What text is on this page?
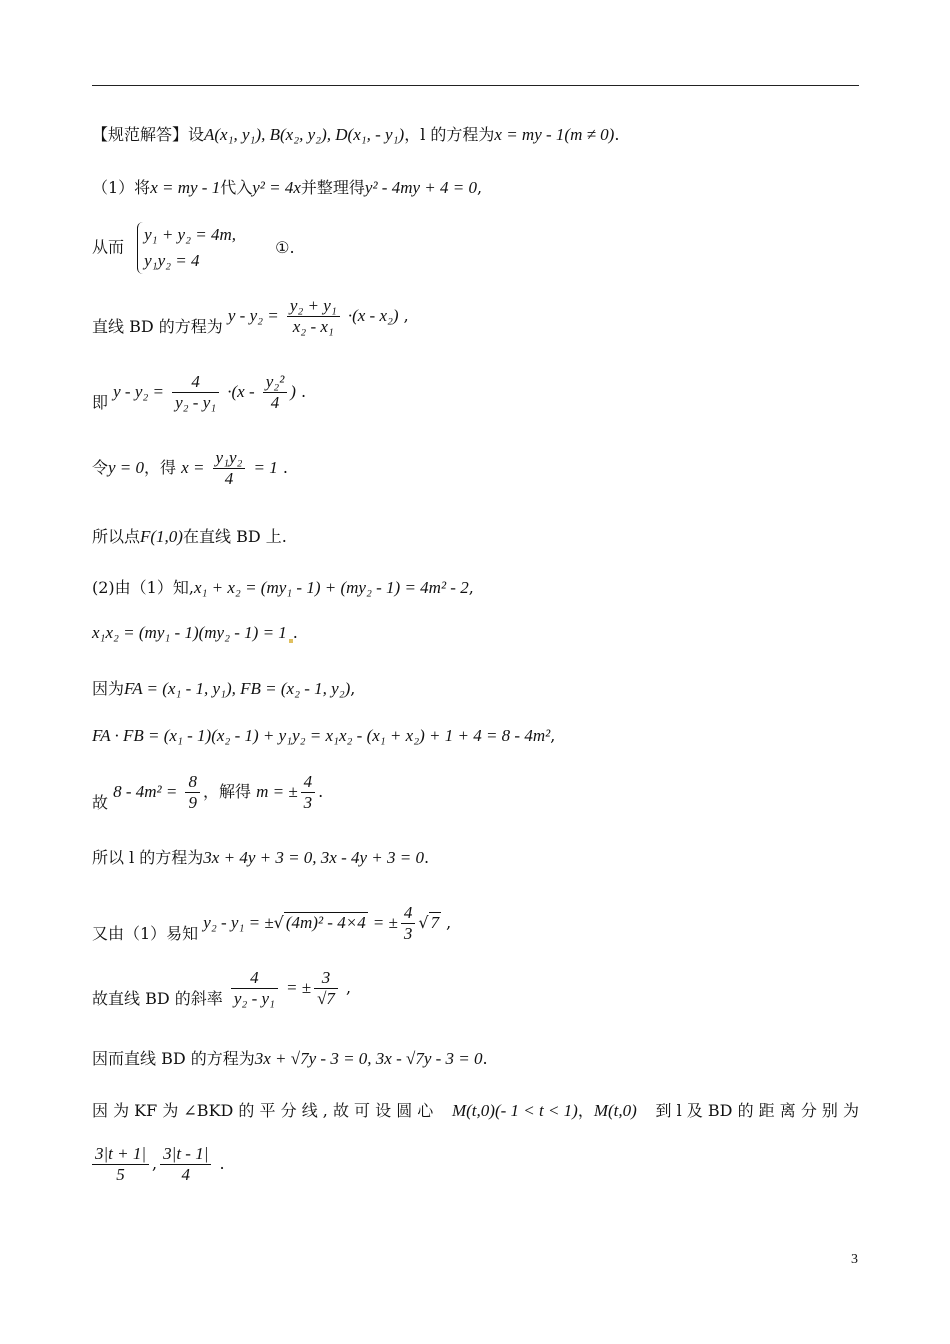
【规范解答】设A(x₁, y₁), B(x₂, y₂), D(x₁, - y₁)，l 的方程为x = my - 1(m ≠ 0).
（1）将x = my - 1代入y² = 4x并整理得y² - 4my + 4 = 0,
从而
y₁ + y₂ = 4m,
y₁y₂ = 4
①.
直线 BD 的方程为 $y - y_2 = \frac{\text{y₂ + y₁}}{\text{x₂ - x₁}} \cdot(x - x_2)$ ,
即 $y - y_2 = \frac{4}{\text{y₂ - y₁}} \cdot(x - \frac{\text{y₂²}}{4}$ ) .
令y = 0，得 $x = \frac{\text{y₁y₂}}{4} = 1$ .
所以点F(1,0)在直线 BD 上.
(2)由（1）知,x₁ + x₂ = (my₁ - 1) + (my₂ - 1) = 4m² - 2,
x₁x₂ = (my₁ - 1)(my₂ - 1) = 1 .
因为FA = (x₁ - 1, y₁), FB = (x₂ - 1, y₂),
FA · FB = (x₁ - 1)(x₂ - 1) + y₁y₂ = x₁x₂ - (x₁ + x₂) + 1 + 4 = 8 - 4m²,
故 $8 - 4m^2 = \frac{8}{9}$ ，解得 m = ± $\frac{4}{3}$ .
所以 l 的方程为3x + 4y + 3 = 0, 3x - 4y + 3 = 0.
又由（1）易知 y₂ - y₁ = ±√ (4m)² - 4×4 = ± $\frac{4}{3}$ √ 7 ,
故直线 BD 的斜率 $\frac{4}{\text{y₂ - y₁}}$ = ± $\frac{3}{√7}$ ,
因而直线 BD 的方程为3x + √7y - 3 = 0, 3x - √7y - 3 = 0.
因 为 KF 为 ∠BKD 的 平 分 线 , 故 可 设 圆 心 M(t,0)(- 1 < t < 1)，M(t,0) 到 l 及 BD 的 距 离 分 别 为
$\frac{3|t + 1|}{5}$ , $\frac{3|t - 1|}{4}$ .
3
